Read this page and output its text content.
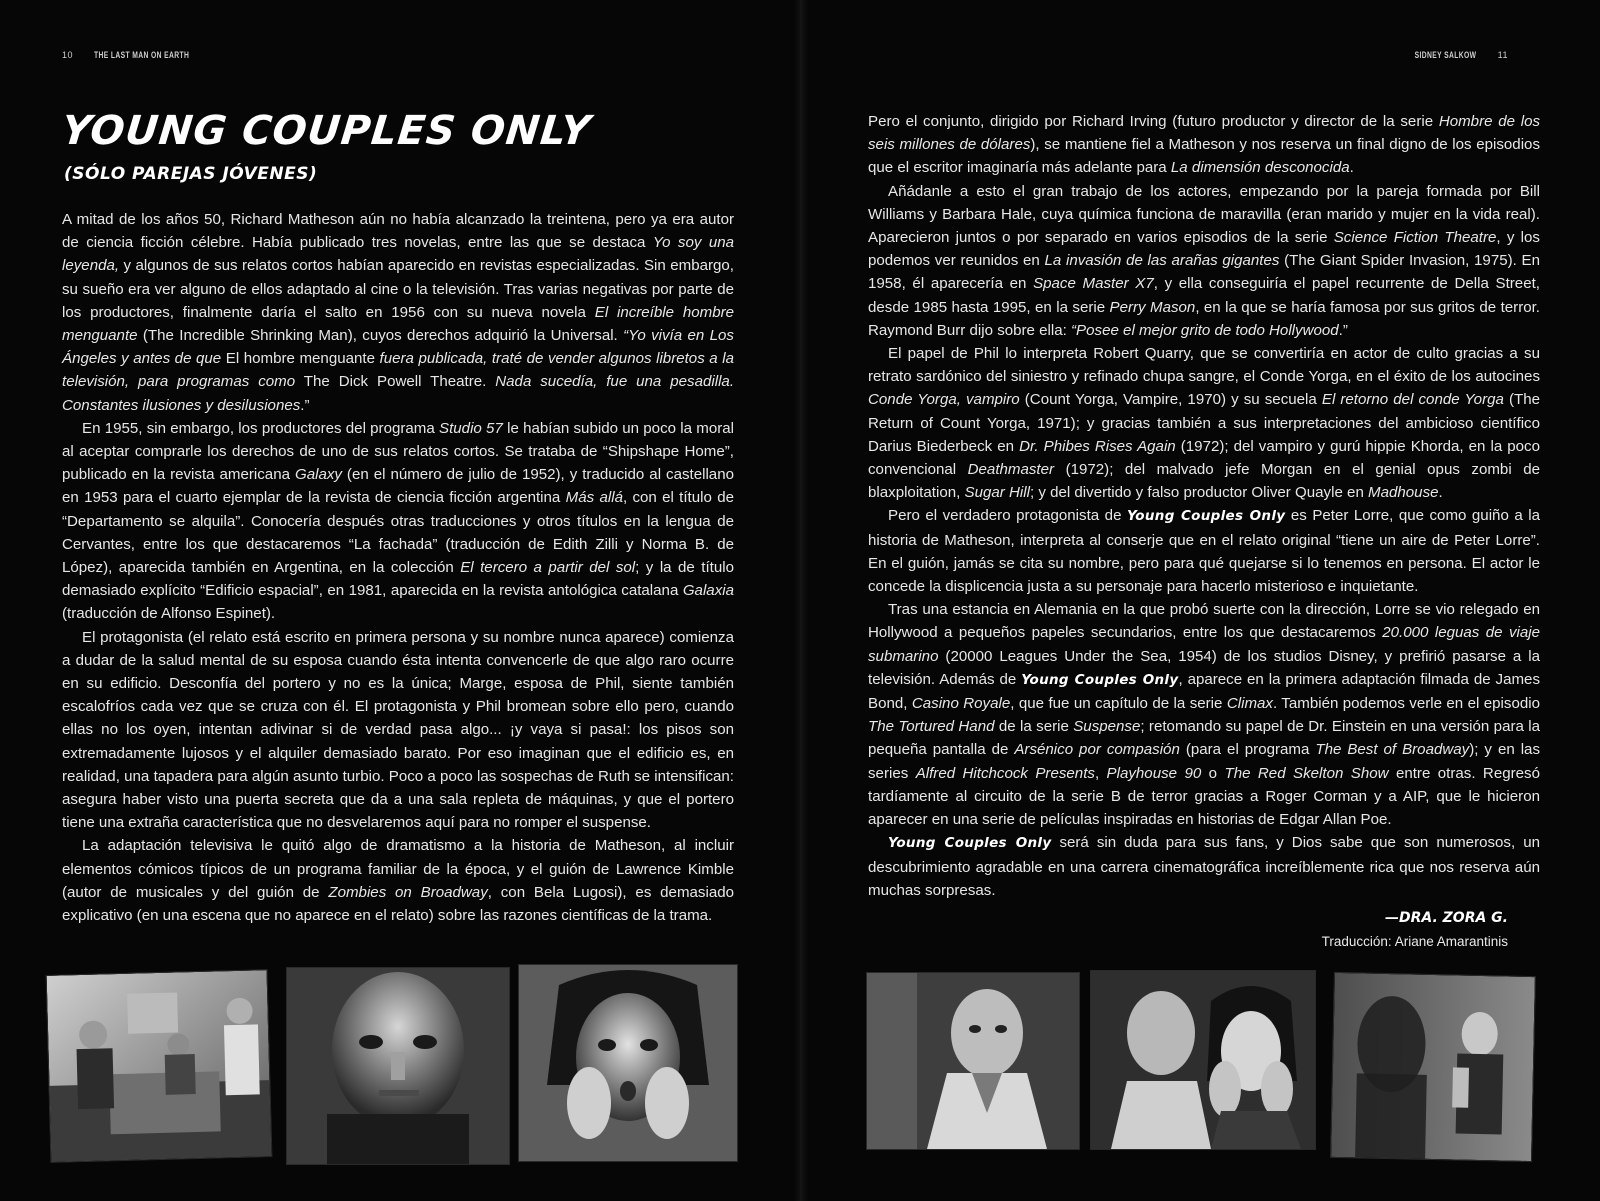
10 THE LAST MAN ON EARTH
YOUNG COUPLES ONLY
(SÓLO PAREJAS JÓVENES)

A mitad de los años 50, Richard Matheson aún no había alcanzado la treintena, pero ya era autor de ciencia ficción célebre. Había publicado tres novelas, entre las que se destaca Yo soy una leyenda, y algunos de sus relatos cortos habían aparecido en revistas especializadas. Sin embargo, su sueño era ver alguno de ellos adaptado al cine o la televisión. Tras varias negativas por parte de los productores, finalmente daría el salto en 1956 con su nueva novela El increíble hombre menguante (The Incredible Shrinking Man), cuyos derechos adquirió la Universal. “Yo vivía en Los Ángeles y antes de que El hombre menguante fuera publicada, traté de vender algunos libretos a la televisión, para programas como The Dick Powell Theatre. Nada sucedía, fue una pesadilla. Constantes ilusiones y desilusiones.”

En 1955, sin embargo, los productores del programa Studio 57 le habían subido un poco la moral al aceptar comprarle los derechos de uno de sus relatos cortos. Se trataba de “Shipshape Home”, publicado en la revista americana Galaxy (en el número de julio de 1952), y traducido al castellano en 1953 para el cuarto ejemplar de la revista de ciencia ficción argentina Más allá, con el título de “Departamento se alquila”. Conocería después otras traducciones y otros títulos en la lengua de Cervantes, entre los que destacaremos “La fachada” (traducción de Edith Zilli y Norma B. de López), aparecida también en Argentina, en la colección El tercero a partir del sol; y la de título demasiado explícito “Edificio espacial”, en 1981, aparecida en la revista antológica catalana Galaxia (traducción de Alfonso Espinet).

El protagonista (el relato está escrito en primera persona y su nombre nunca aparece) comienza a dudar de la salud mental de su esposa cuando ésta intenta convencerle de que algo raro ocurre en su edificio. Desconfía del portero y no es la única; Marge, esposa de Phil, siente también escalofríos cada vez que se cruza con él. El protagonista y Phil bromean sobre ello pero, cuando ellas no los oyen, intentan adivinar si de verdad pasa algo... ¡y vaya si pasa!: los pisos son extremadamente lujosos y el alquiler demasiado barato. Por eso imaginan que el edificio es, en realidad, una tapadera para algún asunto turbio. Poco a poco las sospechas de Ruth se intensifican: asegura haber visto una puerta secreta que da a una sala repleta de máquinas, y que el portero tiene una extraña característica que no desvelaremos aquí para no romper el suspense.

La adaptación televisiva le quitó algo de dramatismo a la historia de Matheson, al incluir elementos cómicos típicos de un programa familiar de la época, y el guión de Lawrence Kimble (autor de musicales y del guión de Zombies on Broadway, con Bela Lugosi), es demasiado explicativo (en una escena que no aparece en el relato) sobre las razones científicas de la trama.

SIDNEY SALKOW 11

Pero el conjunto, dirigido por Richard Irving (futuro productor y director de la serie Hombre de los seis millones de dólares), se mantiene fiel a Matheson y nos reserva un final digno de los episodios que el escritor imaginaría más adelante para La dimensión desconocida.

Añádanle a esto el gran trabajo de los actores, empezando por la pareja formada por Bill Williams y Barbara Hale, cuya química funciona de maravilla (eran marido y mujer en la vida real). Aparecieron juntos o por separado en varios episodios de la serie Science Fiction Theatre, y los podemos ver reunidos en La invasión de las arañas gigantes (The Giant Spider Invasion, 1975). En 1958, él aparecería en Space Master X7, y ella conseguiría el papel recurrente de Della Street, desde 1985 hasta 1995, en la serie Perry Mason, en la que se haría famosa por sus gritos de terror. Raymond Burr dijo sobre ella: “Posee el mejor grito de todo Hollywood.”

El papel de Phil lo interpreta Robert Quarry, que se convertiría en actor de culto gracias a su retrato sardónico del siniestro y refinado chupa sangre, el Conde Yorga, en el éxito de los autocines Conde Yorga, vampiro (Count Yorga, Vampire, 1970) y su secuela El retorno del conde Yorga (The Return of Count Yorga, 1971); y gracias también a sus interpretaciones del ambicioso científico Darius Biederbeck en Dr. Phibes Rises Again (1972); del vampiro y gurú hippie Khorda, en la poco convencional Deathmaster (1972); del malvado jefe Morgan en el genial opus zombi de blaxploitation, Sugar Hill; y del divertido y falso productor Oliver Quayle en Madhouse.

Pero el verdadero protagonista de Young Couples Only es Peter Lorre, que como guiño a la historia de Matheson, interpreta al conserje que en el relato original “tiene un aire de Peter Lorre”. En el guión, jamás se cita su nombre, pero para qué quejarse si lo tenemos en persona. El actor le concede la displicencia justa a su personaje para hacerlo misterioso e inquietante.

Tras una estancia en Alemania en la que probó suerte con la dirección, Lorre se vio relegado en Hollywood a pequeños papeles secundarios, entre los que destacaremos 20.000 leguas de viaje submarino (20000 Leagues Under the Sea, 1954) de los studios Disney, y prefirió pasarse a la televisión. Además de Young Couples Only, aparece en la primera adaptación filmada de James Bond, Casino Royale, que fue un capítulo de la serie Climax. También podemos verle en el episodio The Tortured Hand de la serie Suspense; retomando su papel de Dr. Einstein en una versión para la pequeña pantalla de Arsénico por compasión (para el programa The Best of Broadway); y en las series Alfred Hitchcock Presents, Playhouse 90 o The Red Skelton Show entre otras. Regresó tardíamente al circuito de la serie B de terror gracias a Roger Corman y a AIP, que le hicieron aparecer en una serie de películas inspiradas en historias de Edgar Allan Poe.

Young Couples Only será sin duda para sus fans, y Dios sabe que son numerosos, un descubrimiento agradable en una carrera cinematográfica increíblemente rica que nos reserva aún muchas sorpresas.

—DRA. ZORA G.
Traducción: Ariane Amarantinis
